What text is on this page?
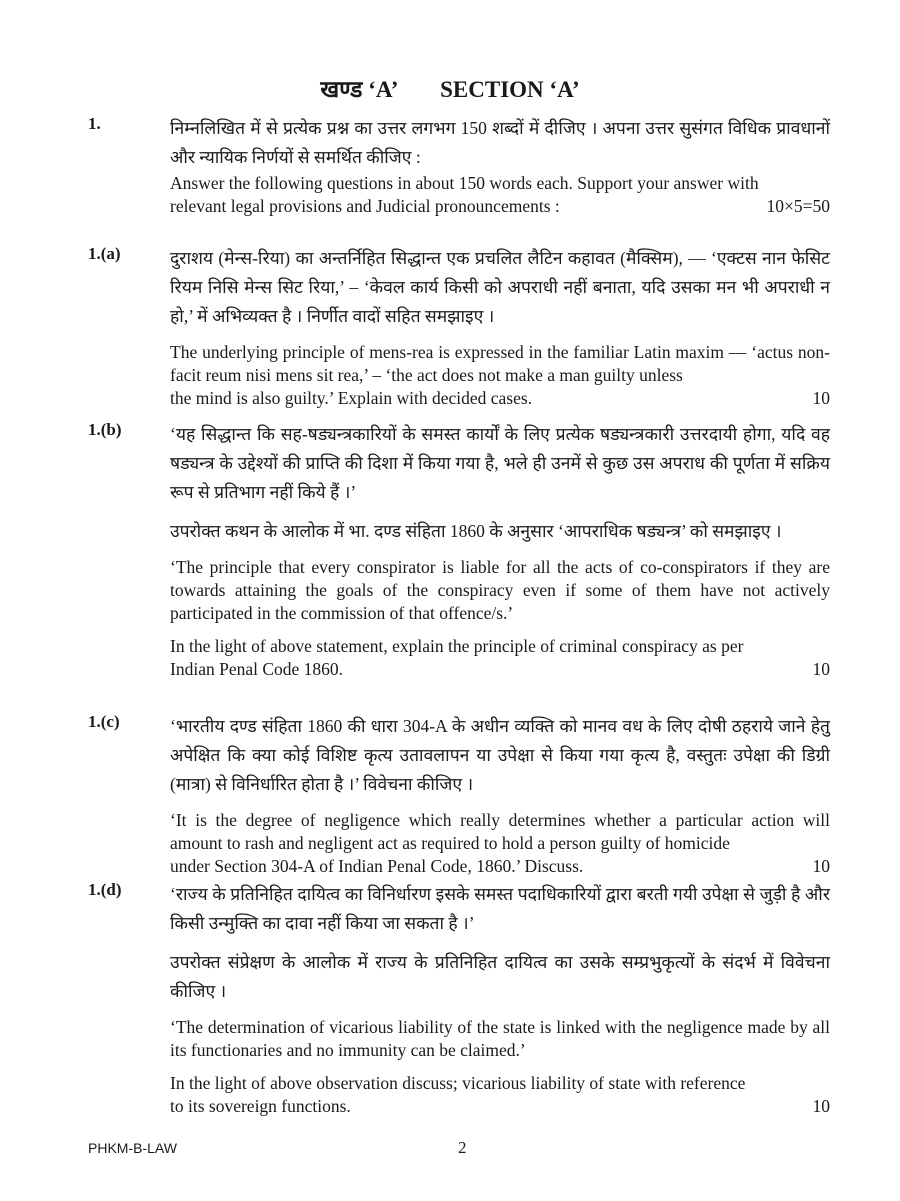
खण्ड ‘A’ SECTION ‘A’
1.	निम्नलिखित में से प्रत्येक प्रश्न का उत्तर लगभग 150 शब्दों में दीजिए । अपना उत्तर सुसंगत विधिक प्रावधानों और न्यायिक निर्णयों से समर्थित कीजिए :

Answer the following questions in about 150 words each. Support your answer with

relevant legal provisions and Judicial pronouncements :	10×5=50
1.(a)	दुराशय (मेन्स-रिया) का अन्तर्निहित सिद्धान्त एक प्रचलित लैटिन कहावत (मैक्सिम), — ‘एक्टस नान फेसिट रियम निसि मेन्स सिट रिया,’ – ‘केवल कार्य किसी को अपराधी नहीं बनाता, यदि उसका मन भी अपराधी न हो,’ में अभिव्यक्त है । निर्णीत वादों सहित समझाइए ।

The underlying principle of mens-rea is expressed in the familiar Latin maxim — ‘actus non-facit reum nisi mens sit rea,’ – ‘the act does not make a man guilty unless

the mind is also guilty.’ Explain with decided cases.	10
1.(b)	‘यह सिद्धान्त कि सह-षड्यन्त्रकारियों के समस्त कार्यों के लिए प्रत्येक षड्यन्त्रकारी उत्तरदायी होगा, यदि वह षड्यन्त्र के उद्देश्यों की प्राप्ति की दिशा में किया गया है, भले ही उनमें से कुछ उस अपराध की पूर्णता में सक्रिय रूप से प्रतिभाग नहीं किये हैं ।’

उपरोक्त कथन के आलोक में भा. दण्ड संहिता 1860 के अनुसार ‘आपराधिक षड्यन्त्र’ को समझाइए ।

‘The principle that every conspirator is liable for all the acts of co-conspirators if they are towards attaining the goals of the conspiracy even if some of them have not actively participated in the commission of that offence/s.’

In the light of above statement, explain the principle of criminal conspiracy as per

Indian Penal Code 1860.	10
1.(c)	‘भारतीय दण्ड संहिता 1860 की धारा 304-A के अधीन व्यक्ति को मानव वध के लिए दोषी ठहराये जाने हेतु अपेक्षित कि क्या कोई विशिष्ट कृत्य उतावलापन या उपेक्षा से किया गया कृत्य है, वस्तुतः उपेक्षा की डिग्री (मात्रा) से विनिर्धारित होता है ।’ विवेचना कीजिए ।

‘It is the degree of negligence which really determines whether a particular action will amount to rash and negligent act as required to hold a person guilty of homicide

under Section 304-A of Indian Penal Code, 1860.’ Discuss.	10
1.(d)	‘राज्य के प्रतिनिहित दायित्व का विनिर्धारण इसके समस्त पदाधिकारियों द्वारा बरती गयी उपेक्षा से जुड़ी है और किसी उन्मुक्ति का दावा नहीं किया जा सकता है ।’

उपरोक्त संप्रेक्षण के आलोक में राज्य के प्रतिनिहित दायित्व का उसके सम्प्रभुकृत्यों के संदर्भ में विवेचना कीजिए ।

‘The determination of vicarious liability of the state is linked with the negligence made by all its functionaries and no immunity can be claimed.’

In the light of above observation discuss; vicarious liability of state with reference

to its sovereign functions.	10
PHKM-B-LAW	2
